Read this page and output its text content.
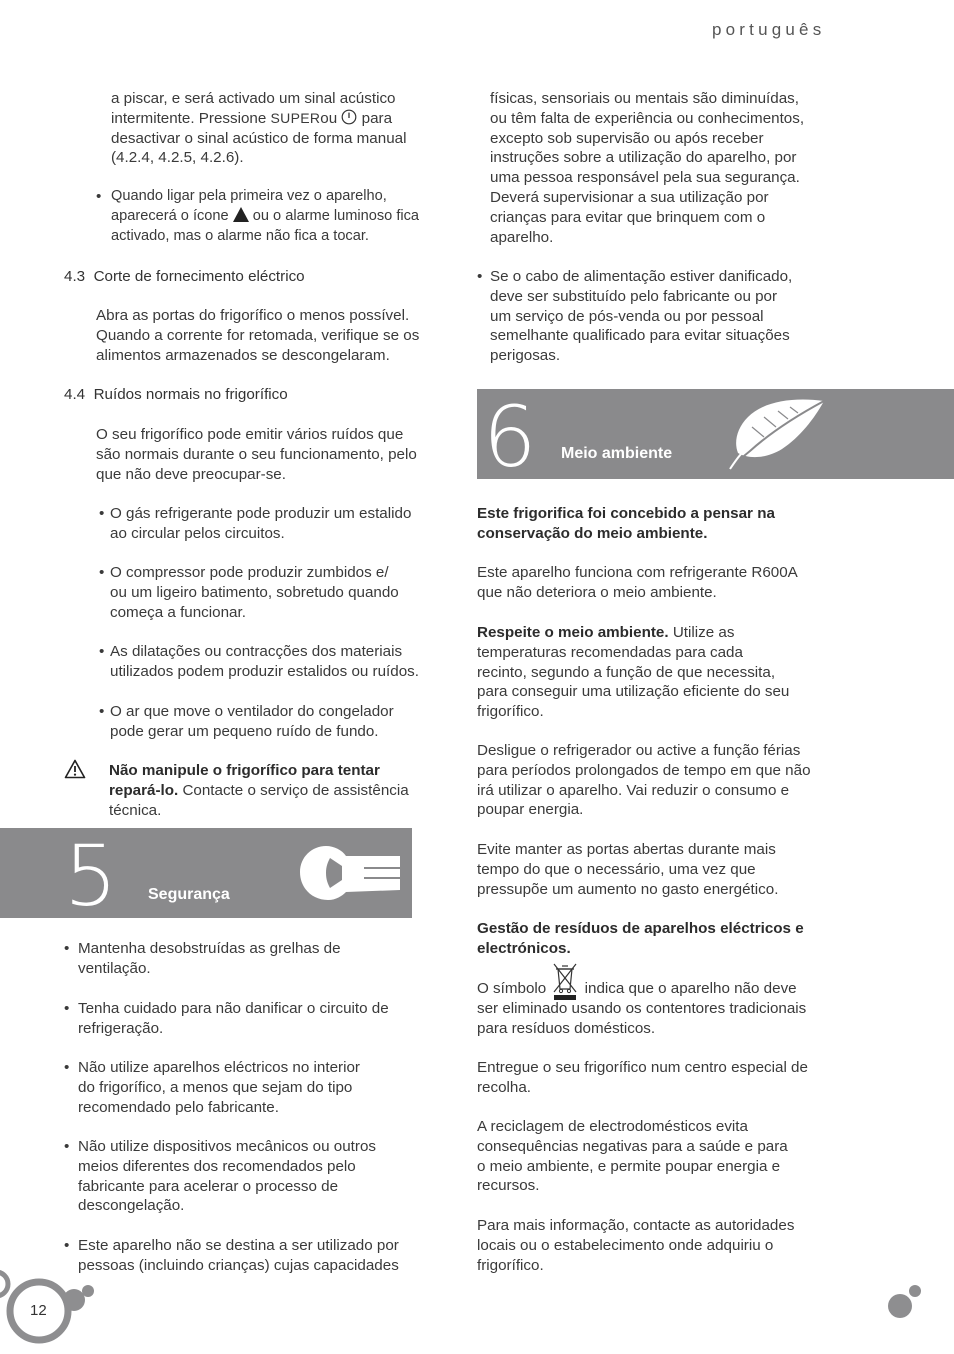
português

a piscar, e será activado um sinal acústico

intermitente. Pressione SUPERou  para

desactivar o sinal acústico de forma manual

(4.2.4, 4.2.5, 4.2.6).

• Quando ligar pela primeira vez o aparelho,

aparecerá o ícone  ou o alarme luminoso fica

activado, mas o alarme não fica a tocar.

4.3 Corte de fornecimento eléctrico

Abra as portas do frigorífico o menos possível.

Quando a corrente for retomada, verifique se os

alimentos armazenados se descongelaram.

4.4 Ruídos normais no frigorífico

O seu frigorífico pode emitir vários ruídos que

são normais durante o seu funcionamento, pelo

que não deve preocupar-se.

• O gás refrigerante pode produzir um estalido

ao circular pelos circuitos.

• O compressor pode produzir zumbidos e/

ou um ligeiro batimento, sobretudo quando

começa a funcionar.

• As dilatações ou contracções dos materiais

utilizados podem produzir estalidos ou ruídos.

• O ar que move o ventilador do congelador

pode gerar um pequeno ruído de fundo.

Não manipule o frigorífico para tentar

repará-lo. Contacte o serviço de assistência

técnica.

5 Segurança
• Mantenha desobstruídas as grelhas de

ventilação.

• Tenha cuidado para não danificar o circuito de

refrigeração.

• Não utilize aparelhos eléctricos no interior

do frigorífico, a menos que sejam do tipo

recomendado pelo fabricante.

• Não utilize dispositivos mecânicos ou outros

meios diferentes dos recomendados pelo

fabricante para acelerar o processo de

descongelação.

• Este aparelho não se destina a ser utilizado por

pessoas (incluindo crianças) cujas capacidades

12

físicas, sensoriais ou mentais são diminuídas,

ou têm falta de experiência ou conhecimentos,

excepto sob supervisão ou após receber

instruções sobre a utilização do aparelho, por

uma pessoa responsável pela sua segurança.

Deverá supervisionar a sua utilização por

crianças para evitar que brinquem com o

aparelho.

• Se o cabo de alimentação estiver danificado,

deve ser substituído pelo fabricante ou por

um serviço de pós-venda ou por pessoal

semelhante qualificado para evitar situações

perigosas.

6 Meio ambiente

Este frigorifica foi concebido a pensar na

conservação do meio ambiente.

Este aparelho funciona com refrigerante R600A

que não deteriora o meio ambiente.

Respeite o meio ambiente. Utilize as

temperaturas recomendadas para cada

recinto, segundo a função de que necessita,

para conseguir uma utilização eficiente do seu

frigorífico.

Desligue o refrigerador ou active a função férias

para períodos prolongados de tempo em que não

irá utilizar o aparelho. Vai reduzir o consumo e

poupar energia.

Evite manter as portas abertas durante mais

tempo do que o necessário, uma vez que

pressupõe um aumento no gasto energético.

Gestão de resíduos de aparelhos eléctricos e

electrónicos.

O símbolo  indica que o aparelho não deve

ser eliminado usando os contentores tradicionais

para resíduos domésticos.

Entregue o seu frigorífico num centro especial de

recolha.

A reciclagem de electrodomésticos evita

consequências negativas para a saúde e para

o meio ambiente, e permite poupar energia e

recursos.

Para mais informação, contacte as autoridades

locais ou o estabelecimento onde adquiriu o

frigorífico.
